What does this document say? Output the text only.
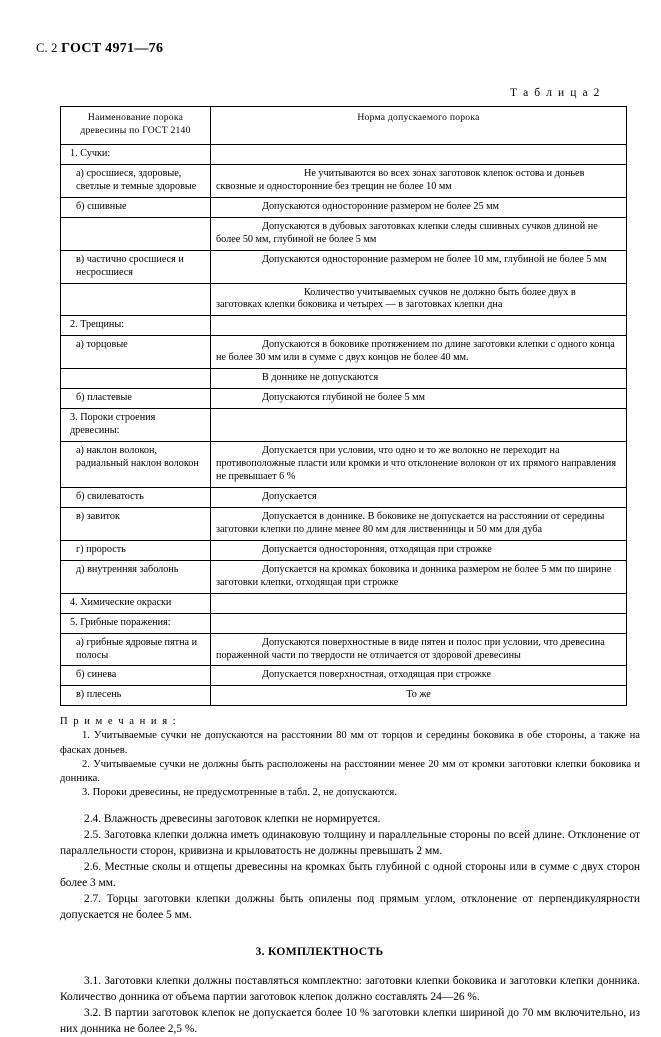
С. 2 ГОСТ 4971—76
Т а б л и ц а 2
Наименование порока древесины по ГОСТ 2140	Норма допускаемого порока

1. Сучки:	

а) сросшиеся, здоровые, светлые и темные здоровые	Не учитываются во всех зонах заготовок клепок остова и доньев сквозные и односторонние без трещин не более 10 мм

б) сшивные	Допускаются односторонние размером не более 25 мм

	Допускаются в дубовых заготовках клепки следы сшивных сучков длиной не более 50 мм, глубиной не более 5 мм

в) частично сросшиеся и несросшиеся	Допускаются односторонние размером не более 10 мм, глубиной не более 5 мм

	Количество учитываемых сучков не должно быть более двух в заготовках клепки боковика и четырех — в заготовках клепки дна

2. Трещины:	

а) торцовые	Допускаются в боковике протяжением по длине заготовки клепки с одного конца не более 30 мм или в сумме с двух концов не более 40 мм.

	В доннике не допускаются

б) пластевые	Допускаются глубиной не более 5 мм

3. Пороки строения древесины:	

а) наклон волокон, радиальный наклон волокон	Допускается при условии, что одно и то же волокно не переходит на противоположные пласти или кромки и что отклонение волокон от их прямого направления не превышает 6 %

б) свилеватость	Допускается

в) завиток	Допускается в доннике. В боковике не допускается на расстоянии от середины заготовки клепки по длине менее 80 мм для лиственницы и 50 мм для дуба

г) прорость	Допускается односторонняя, отходящая при строжке

д) внутренняя заболонь	Допускается на кромках боковика и донника размером не более 5 мм по ширине заготовки клепки, отходящая при строжке

4. Химические окраски	

5. Грибные поражения:	

а) грибные ядровые пятна и полосы	Допускаются поверхностные в виде пятен и полос при условии, что древесина пораженной части по твердости не отличается от здоровой древесины

б) синева	Допускается поверхностная, отходящая при строжке

в) плесень	То же

П р и м е ч а н и я :

1. Учитываемые сучки не допускаются на расстоянии 80 мм от торцов и середины боковика в обе стороны, а также на фасках доньев.

2. Учитываемые сучки не должны быть расположены на расстоянии менее 20 мм от кромки заготовки клепки боковика и донника.

3. Пороки древесины, не предусмотренные в табл. 2, не допускаются.

2.4. Влажность древесины заготовок клепки не нормируется.

2.5. Заготовка клепки должна иметь одинаковую толщину и параллельные стороны по всей длине. Отклонение от параллельности сторон, кривизна и крыловатость не должны превышать 2 мм.

2.6. Местные сколы и отщепы древесины на кромках быть глубиной с одной стороны или в сумме с двух сторон более 3 мм.

2.7. Торцы заготовки клепки должны быть опилены под прямым углом, отклонение от перпендикулярности допускается не более 5 мм.

3. КОМПЛЕКТНОСТЬ

3.1. Заготовки клепки должны поставляться комплектно: заготовки клепки боковика и заготовки клепки донника. Количество донника от объема партии заготовок клепок должно составлять 24—26 %.

3.2. В партии заготовок клепок не допускается более 10 % заготовки клепки шириной до 70 мм включительно, из них донника не более 2,5 %.
